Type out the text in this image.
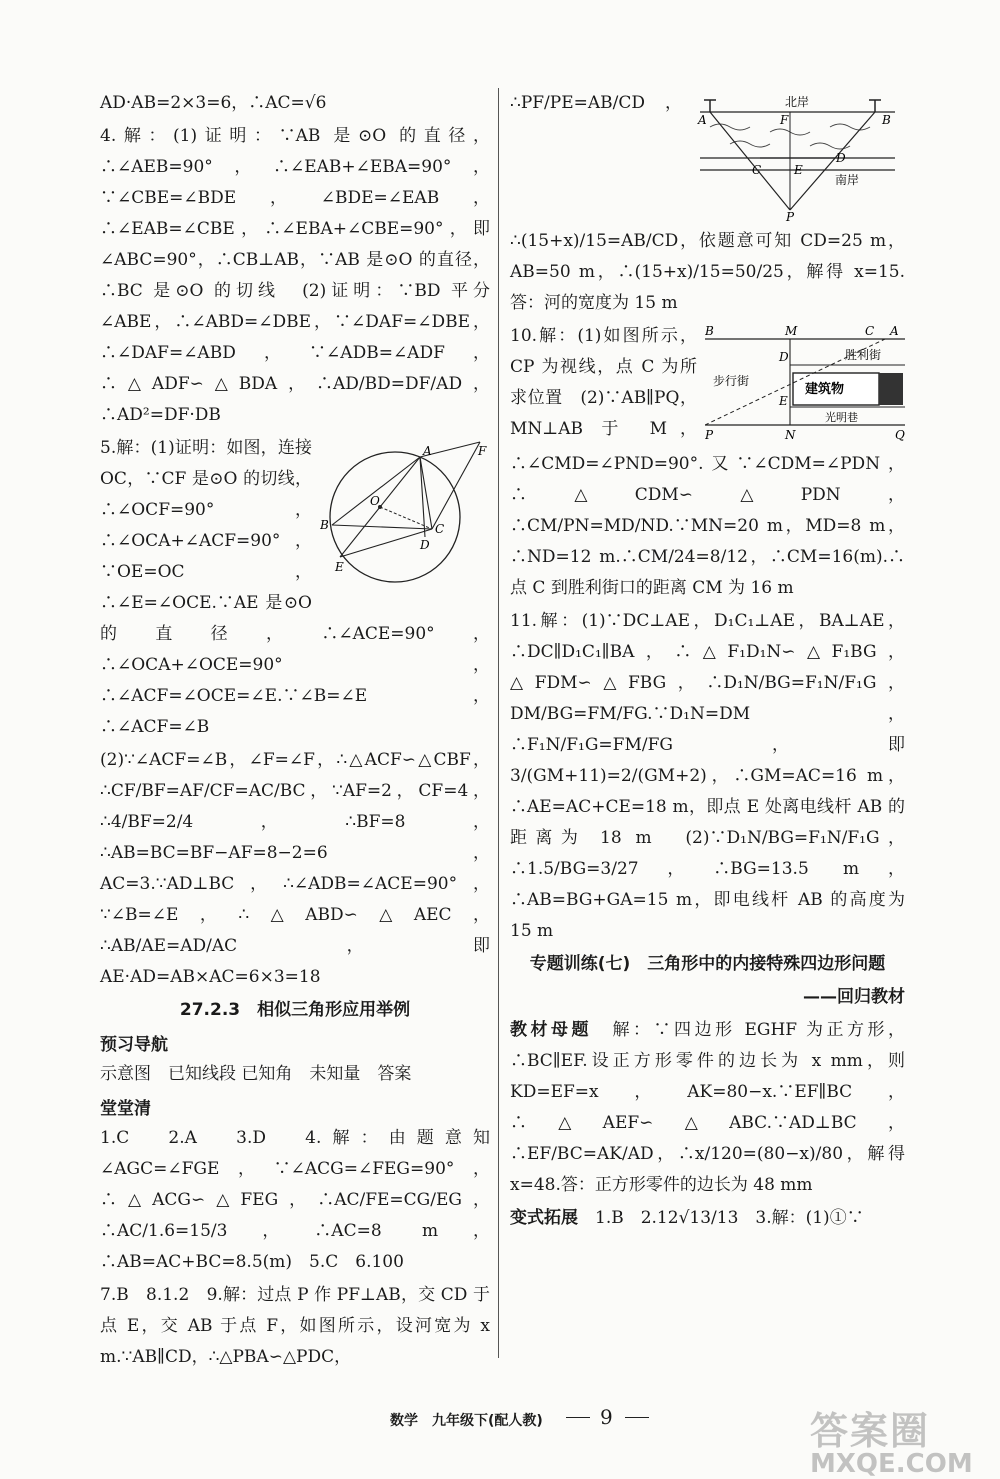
AD·AB=2×3=6，∴AC=√6

4.解：(1)证明：∵AB 是⊙O 的直径，∴∠AEB=90°，∴∠EAB+∠EBA=90°，∵∠CBE=∠BDE，∠BDE=∠EAB，∴∠EAB=∠CBE，∴∠EBA+∠CBE=90°，即∠ABC=90°，∴CB⊥AB，∵AB 是⊙O 的直径，∴BC 是⊙O 的切线　(2)证明：∵BD 平分∠ABE，∴∠ABD=∠DBE，∵∠DAF=∠DBE，∴∠DAF=∠ABD，∵∠ADB=∠ADF，∴△ADF∽△BDA，∴AD/BD=DF/AD，∴AD²=DF·DB

A
B	C
D
E
F
O

5.解：(1)证明：如图，连接 OC，∵CF 是⊙O 的切线，∴∠OCF=90°，∴∠OCA+∠ACF=90°，∵OE=OC，∴∠E=∠OCE.∵AE 是⊙O 的直径，∴∠ACE=90°，∴∠OCA+∠OCE=90°，∴∠ACF=∠OCE=∠E.∵∠B=∠E，∴∠ACF=∠B

(2)∵∠ACF=∠B，∠F=∠F，∴△ACF∽△CBF，∴CF/BF=AF/CF=AC/BC，∵AF=2，CF=4，∴4/BF=2/4，∴BF=8，∴AB=BC=BF−AF=8−2=6，AC=3.∵AD⊥BC，∴∠ADB=∠ACE=90°，∵∠B=∠E，∴△ABD∽△AEC，∴AB/AE=AD/AC，即 AE·AD=AB×AC=6×3=18

27.2.3　相似三角形应用举例

预习导航

示意图　已知线段 已知角　未知量　答案

堂堂清

1.C　2.A　3.D　4.解：由题意知∠AGC=∠FGE，∵∠ACG=∠FEG=90°，∴△ACG∽△FEG，∴AC/FE=CG/EG，∴AC/1.6=15/3，∴AC=8 m，∴AB=AC+BC=8.5(m)　5.C　6.100

7.B　8.1.2　9.解：过点 P 作 PF⊥AB，交 CD 于点 E，交 AB 于点 F，如图所示，设河宽为 x m.∵AB∥CD，∴△PBA∽△PDC，

北岸
南岸
A	B
F
C	E
D
P

∴PF/PE=AB/CD，∴(15+x)/15=AB/CD，依题意可知 CD=25 m，AB=50 m，∴(15+x)/15=50/25，解得 x=15.答：河的宽度为 15 m

B	M	C A
D
E
P	N	Q
胜利街
步行街
光明巷
建筑物

10.解：(1)如图所示，CP 为视线，点 C 为所求位置　(2)∵AB∥PQ，MN⊥AB 于 M，∴∠CMD=∠PND=90°.又∵∠CDM=∠PDN，∴△CDM∽△PDN，∴CM/PN=MD/ND.∵MN=20 m，MD=8 m，∴ND=12 m.∴CM/24=8/12，∴CM=16(m).∴点 C 到胜利街口的距离 CM 为 16 m

11.解：(1)∵DC⊥AE，D₁C₁⊥AE，BA⊥AE，∴DC∥D₁C₁∥BA，∴△F₁D₁N∽△F₁BG，△FDM∽△FBG，∴D₁N/BG=F₁N/F₁G，DM/BG=FM/FG.∵D₁N=DM，∴F₁N/F₁G=FM/FG，即 3/(GM+11)=2/(GM+2)，∴GM=AC=16 m，∴AE=AC+CE=18 m，即点 E 处离电线杆 AB 的距离为 18 m　(2)∵D₁N/BG=F₁N/F₁G，∴1.5/BG=3/27，∴BG=13.5 m，∴AB=BG+GA=15 m，即电线杆 AB 的高度为 15 m

专题训练(七)　三角形中的内接特殊四边形问题

——回归教材

教材母题　 解：∵四边形 EGHF 为正方形，∴BC∥EF.设正方形零件的边长为 x mm，则 KD=EF=x，AK=80−x.∵EF∥BC，∴△AEF∽△ABC.∵AD⊥BC，∴EF/BC=AK/AD，∴x/120=(80−x)/80，解得 x=48.答：正方形零件的边长为 48 mm

变式拓展　 1.B　2.12√13/13　3.解：(1)①∵

数学　九年级下(配人教)	9	答案圈
MXQE.COM
